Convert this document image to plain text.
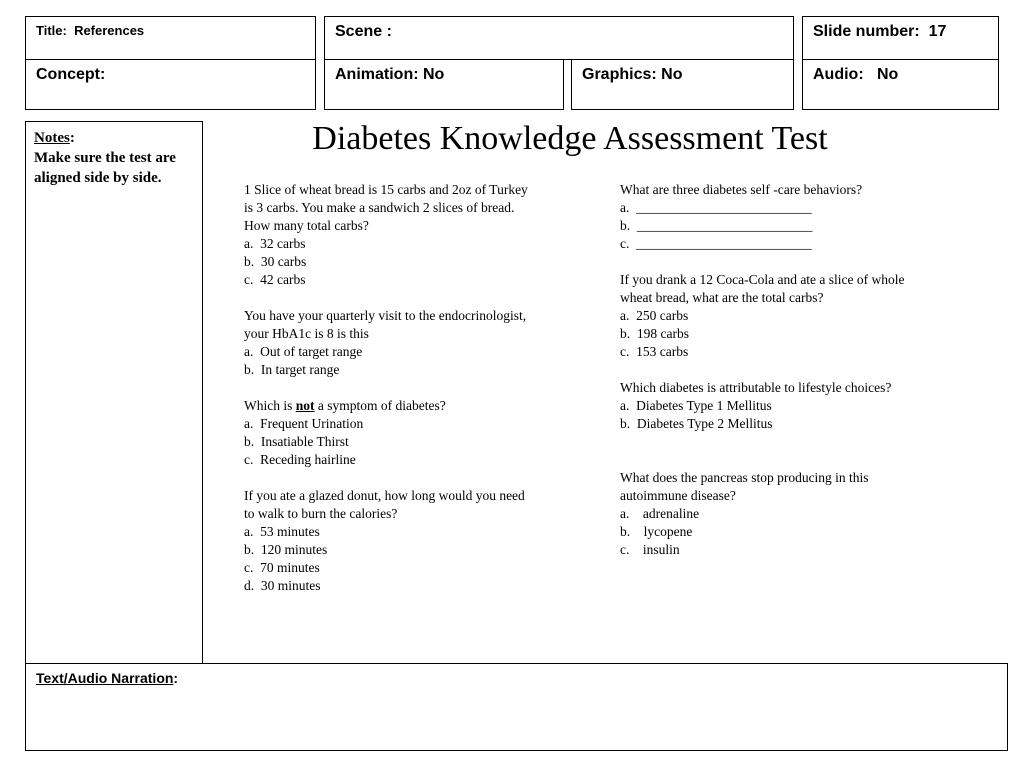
Title: References	Scene :	Slide number: 17
Concept:	Animation: No	Graphics: No	Audio: No
Notes:
Make sure the test are aligned side by side.
Diabetes Knowledge Assessment Test
1 Slice of wheat bread is 15 carbs and 2oz of Turkey is 3 carbs. You make a sandwich 2 slices of bread. How many total carbs?
a.  32 carbs
b.  30 carbs
c.  42 carbs
You have your quarterly visit to the endocrinologist, your HbA1c is 8 is this
a.  Out of target range
b.  In target range
Which is not a symptom of diabetes?
a.  Frequent Urination
b.  Insatiable Thirst
c.  Receding hairline
If you ate a glazed donut, how long would you need to walk to burn the calories?
a.  53 minutes
b.  120 minutes
c.  70 minutes
d.  30 minutes
What are three diabetes self -care behaviors?
a.  __________________________
b.  __________________________
c.  __________________________
If you drank a 12 Coca-Cola and ate a slice of whole wheat bread, what are the total carbs?
a.  250 carbs
b.  198 carbs
c.  153 carbs
Which diabetes is attributable to lifestyle choices?
a.  Diabetes Type 1 Mellitus
b.  Diabetes Type 2 Mellitus
What does the pancreas stop producing in this autoimmune disease?
a.    adrenaline
b.    lycopene
c.    insulin
Text/Audio Narration:
